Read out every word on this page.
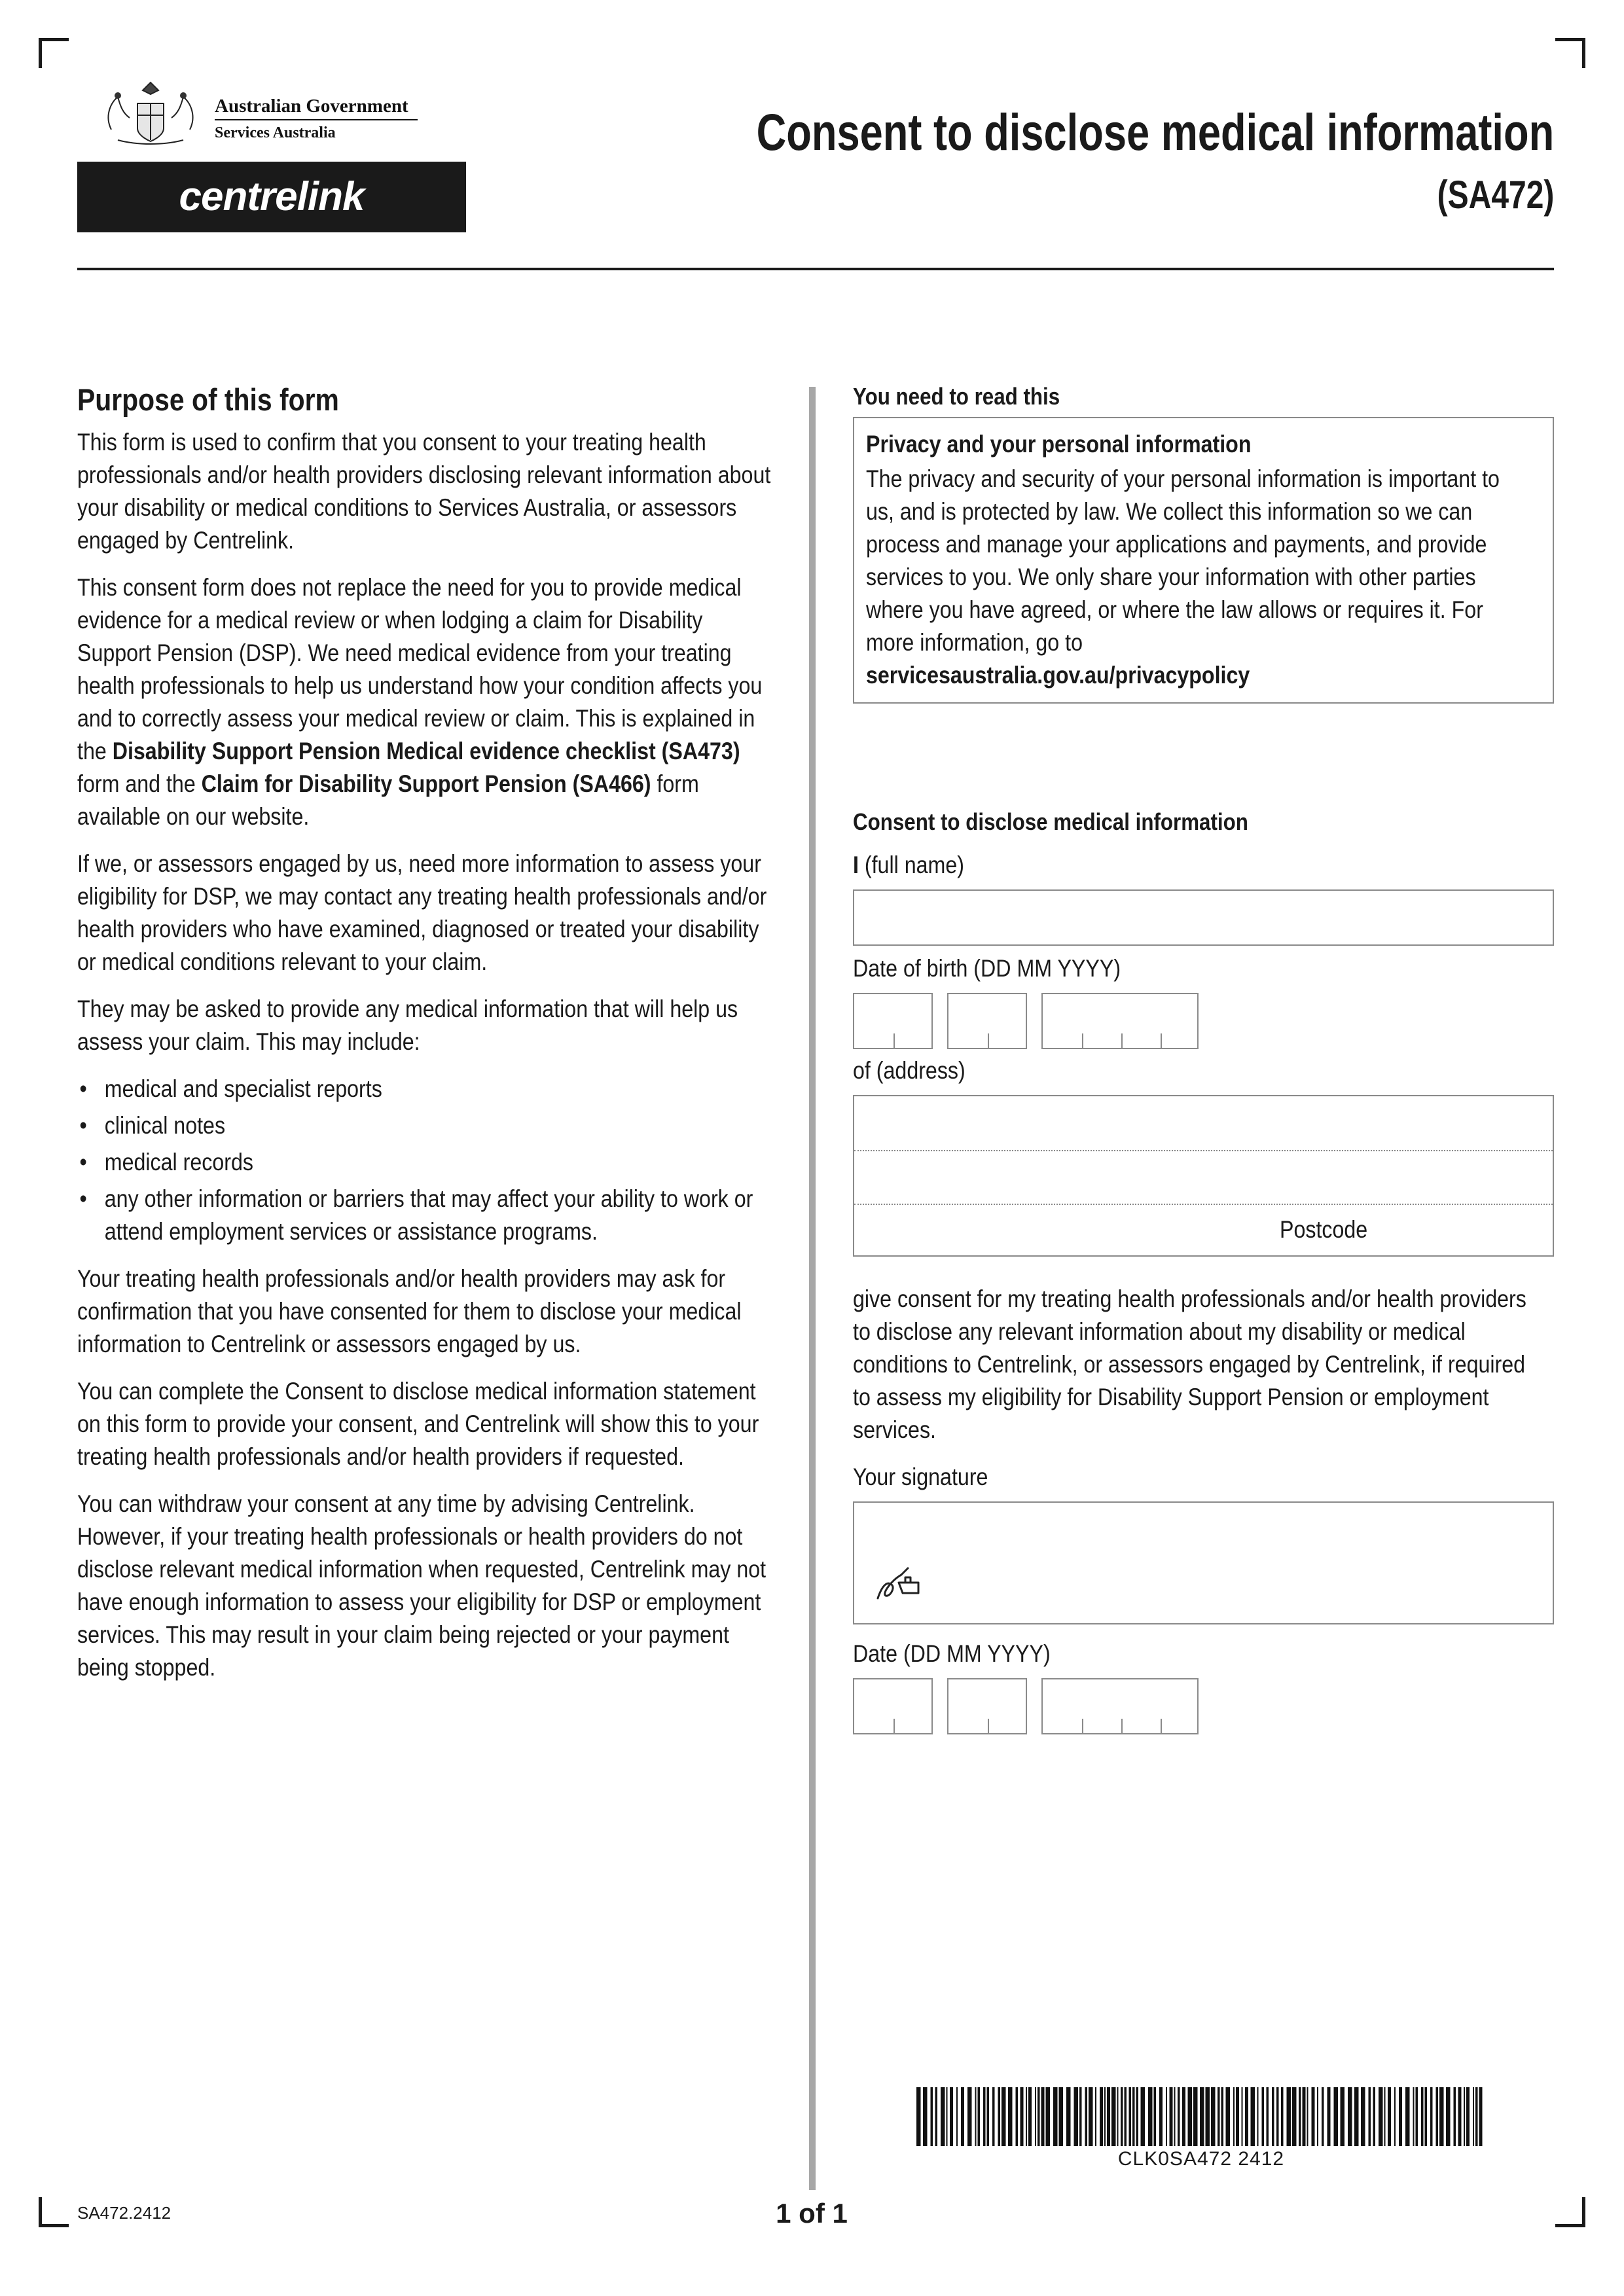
Australian Government
Services Australia
centrelink
Consent to disclose medical information
(SA472)
Purpose of this form

This form is used to confirm that you consent to your treating health professionals and/or health providers disclosing relevant information about your disability or medical conditions to Services Australia, or assessors engaged by Centrelink.

This consent form does not replace the need for you to provide medical evidence for a medical review or when lodging a claim for Disability Support Pension (DSP). We need medical evidence from your treating health professionals to help us understand how your condition affects you and to correctly assess your medical review or claim. This is explained in the Disability Support Pension Medical evidence checklist (SA473) form and the Claim for Disability Support Pension (SA466) form available on our website.

If we, or assessors engaged by us, need more information to assess your eligibility for DSP, we may contact any treating health professionals and/or health providers who have examined, diagnosed or treated your disability or medical conditions relevant to your claim.

They may be asked to provide any medical information that will help us assess your claim. This may include:

• medical and specialist reports
• clinical notes
• medical records
• any other information or barriers that may affect your ability to work or attend employment services or assistance programs.

Your treating health professionals and/or health providers may ask for confirmation that you have consented for them to disclose your medical information to Centrelink or assessors engaged by us.

You can complete the Consent to disclose medical information statement on this form to provide your consent, and Centrelink will show this to your treating health professionals and/or health providers if requested.

You can withdraw your consent at any time by advising Centrelink. However, if your treating health professionals or health providers do not disclose relevant medical information when requested, Centrelink may not have enough information to assess your eligibility for DSP or employment services. This may result in your claim being rejected or your payment being stopped.

You need to read this
Privacy and your personal information
The privacy and security of your personal information is important to us, and is protected by law. We collect this information so we can process and manage your applications and payments, and provide services to you. We only share your information with other parties where you have agreed, or where the law allows or requires it. For more information, go to
servicesaustralia.gov.au/privacypolicy
Consent to disclose medical information
I (full name)
Date of birth (DD MM YYYY)
of (address)
Postcode

give consent for my treating health professionals and/or health providers to disclose any relevant information about my disability or medical conditions to Centrelink, or assessors engaged by Centrelink, if required to assess my eligibility for Disability Support Pension or employment services.

Your signature
Date (DD MM YYYY)
CLK0SA472 2412
SA472.2412	1 of 1
